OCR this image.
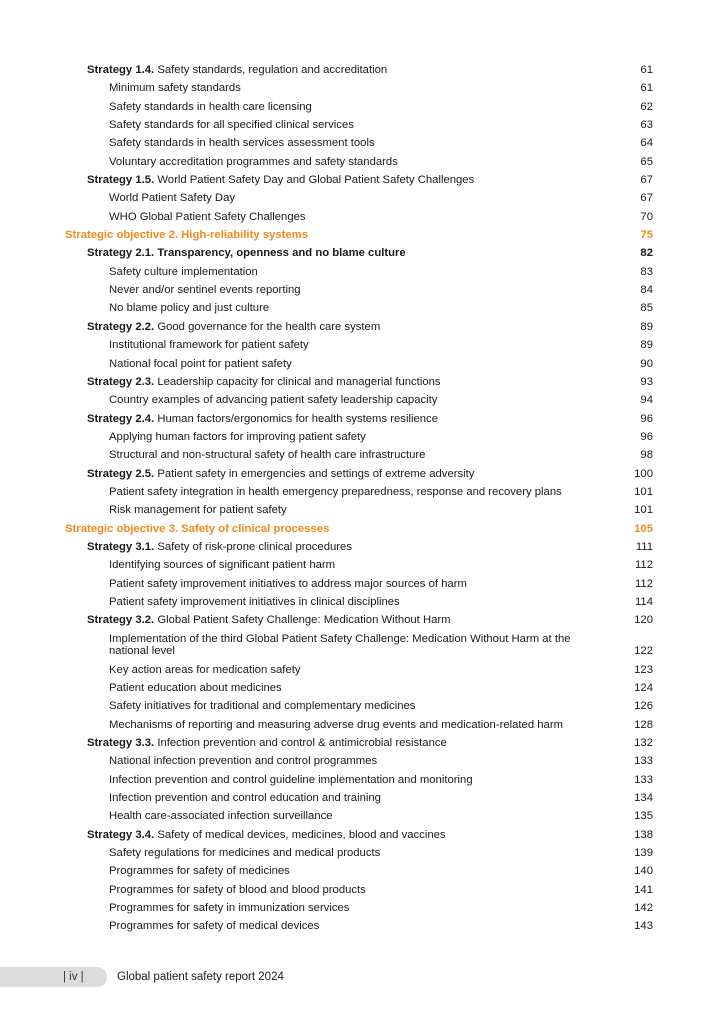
Strategy 1.4. Safety standards, regulation and accreditation	61
Minimum safety standards	61
Safety standards in health care licensing	62
Safety standards for all specified clinical services	63
Safety standards in health services assessment tools	64
Voluntary accreditation programmes and safety standards	65
Strategy 1.5. World Patient Safety Day and Global Patient Safety Challenges	67
World Patient Safety Day	67
WHO Global Patient Safety Challenges	70
Strategic objective 2. High-reliability systems	75
Strategy 2.1. Transparency, openness and no blame culture	82
Safety culture implementation	83
Never and/or sentinel events reporting	84
No blame policy and just culture	85
Strategy 2.2. Good governance for the health care system	89
Institutional framework for patient safety	89
National focal point for patient safety	90
Strategy 2.3. Leadership capacity for clinical and managerial functions	93
Country examples of advancing patient safety leadership capacity	94
Strategy 2.4. Human factors/ergonomics for health systems resilience	96
Applying human factors for improving patient safety	96
Structural and non-structural safety of health care infrastructure	98
Strategy 2.5. Patient safety in emergencies and settings of extreme adversity	100
Patient safety integration in health emergency preparedness, response and recovery plans	101
Risk management for patient safety	101
Strategic objective 3. Safety of clinical processes	105
Strategy 3.1. Safety of risk-prone clinical procedures	111
Identifying sources of significant patient harm	112
Patient safety improvement initiatives to address major sources of harm	112
Patient safety improvement initiatives in clinical disciplines	114
Strategy 3.2. Global Patient Safety Challenge: Medication Without Harm	120
Implementation of the third Global Patient Safety Challenge: Medication Without Harm at the national level	122
Key action areas for medication safety	123
Patient education about medicines	124
Safety initiatives for traditional and complementary medicines	126
Mechanisms of reporting and measuring adverse drug events and medication-related harm	128
Strategy 3.3. Infection prevention and control & antimicrobial resistance	132
National infection prevention and control programmes	133
Infection prevention and control guideline implementation and monitoring	133
Infection prevention and control education and training	134
Health care-associated infection surveillance	135
Strategy 3.4. Safety of medical devices, medicines, blood and vaccines	138
Safety regulations for medicines and medical products	139
Programmes for safety of medicines	140
Programmes for safety of blood and blood products	141
Programmes for safety in immunization services	142
Programmes for safety of medical devices	143
| iv |	Global patient safety report 2024
